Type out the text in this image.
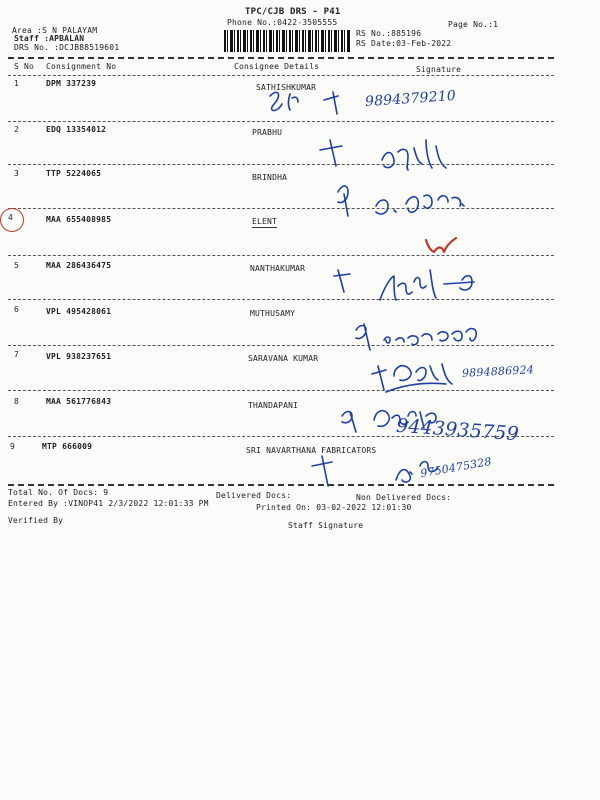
TPC/CJB DRS - P41
Phone No.:0422-3505555	Page No.:1
Area :S N PALAYAM
Staff :APBALAN
RS No.:885196
RS Date:03-Feb-2022
DRS No. :DCJB88519601
S No Consignment No	Consignee Details	Signature
1	DPM 337239	SATHISHKUMAR
2	EDQ 13354012	PRABHU
3	TTP 5224065	BRINDHA
4	MAA 655408985	ELENT
5	MAA 286436475	NANTHAKUMAR
6	VPL 495428061	MUTHUSAMY
7	VPL 938237651	SARAVANA KUMAR
8	MAA 561776843	THANDAPANI
9	MTP 666009	SRI NAVARTHANA FABRICATORS
Total No. Of Docs: 9	Delivered Docs:	Non Delivered Docs:
Entered By :VINOP41 2/3/2022 12:01:33 PM	Printed On: 03-02-2022 12:01:30
Verified By
Staff Signature
9894379210
9894886924
9443935759
9750475328
